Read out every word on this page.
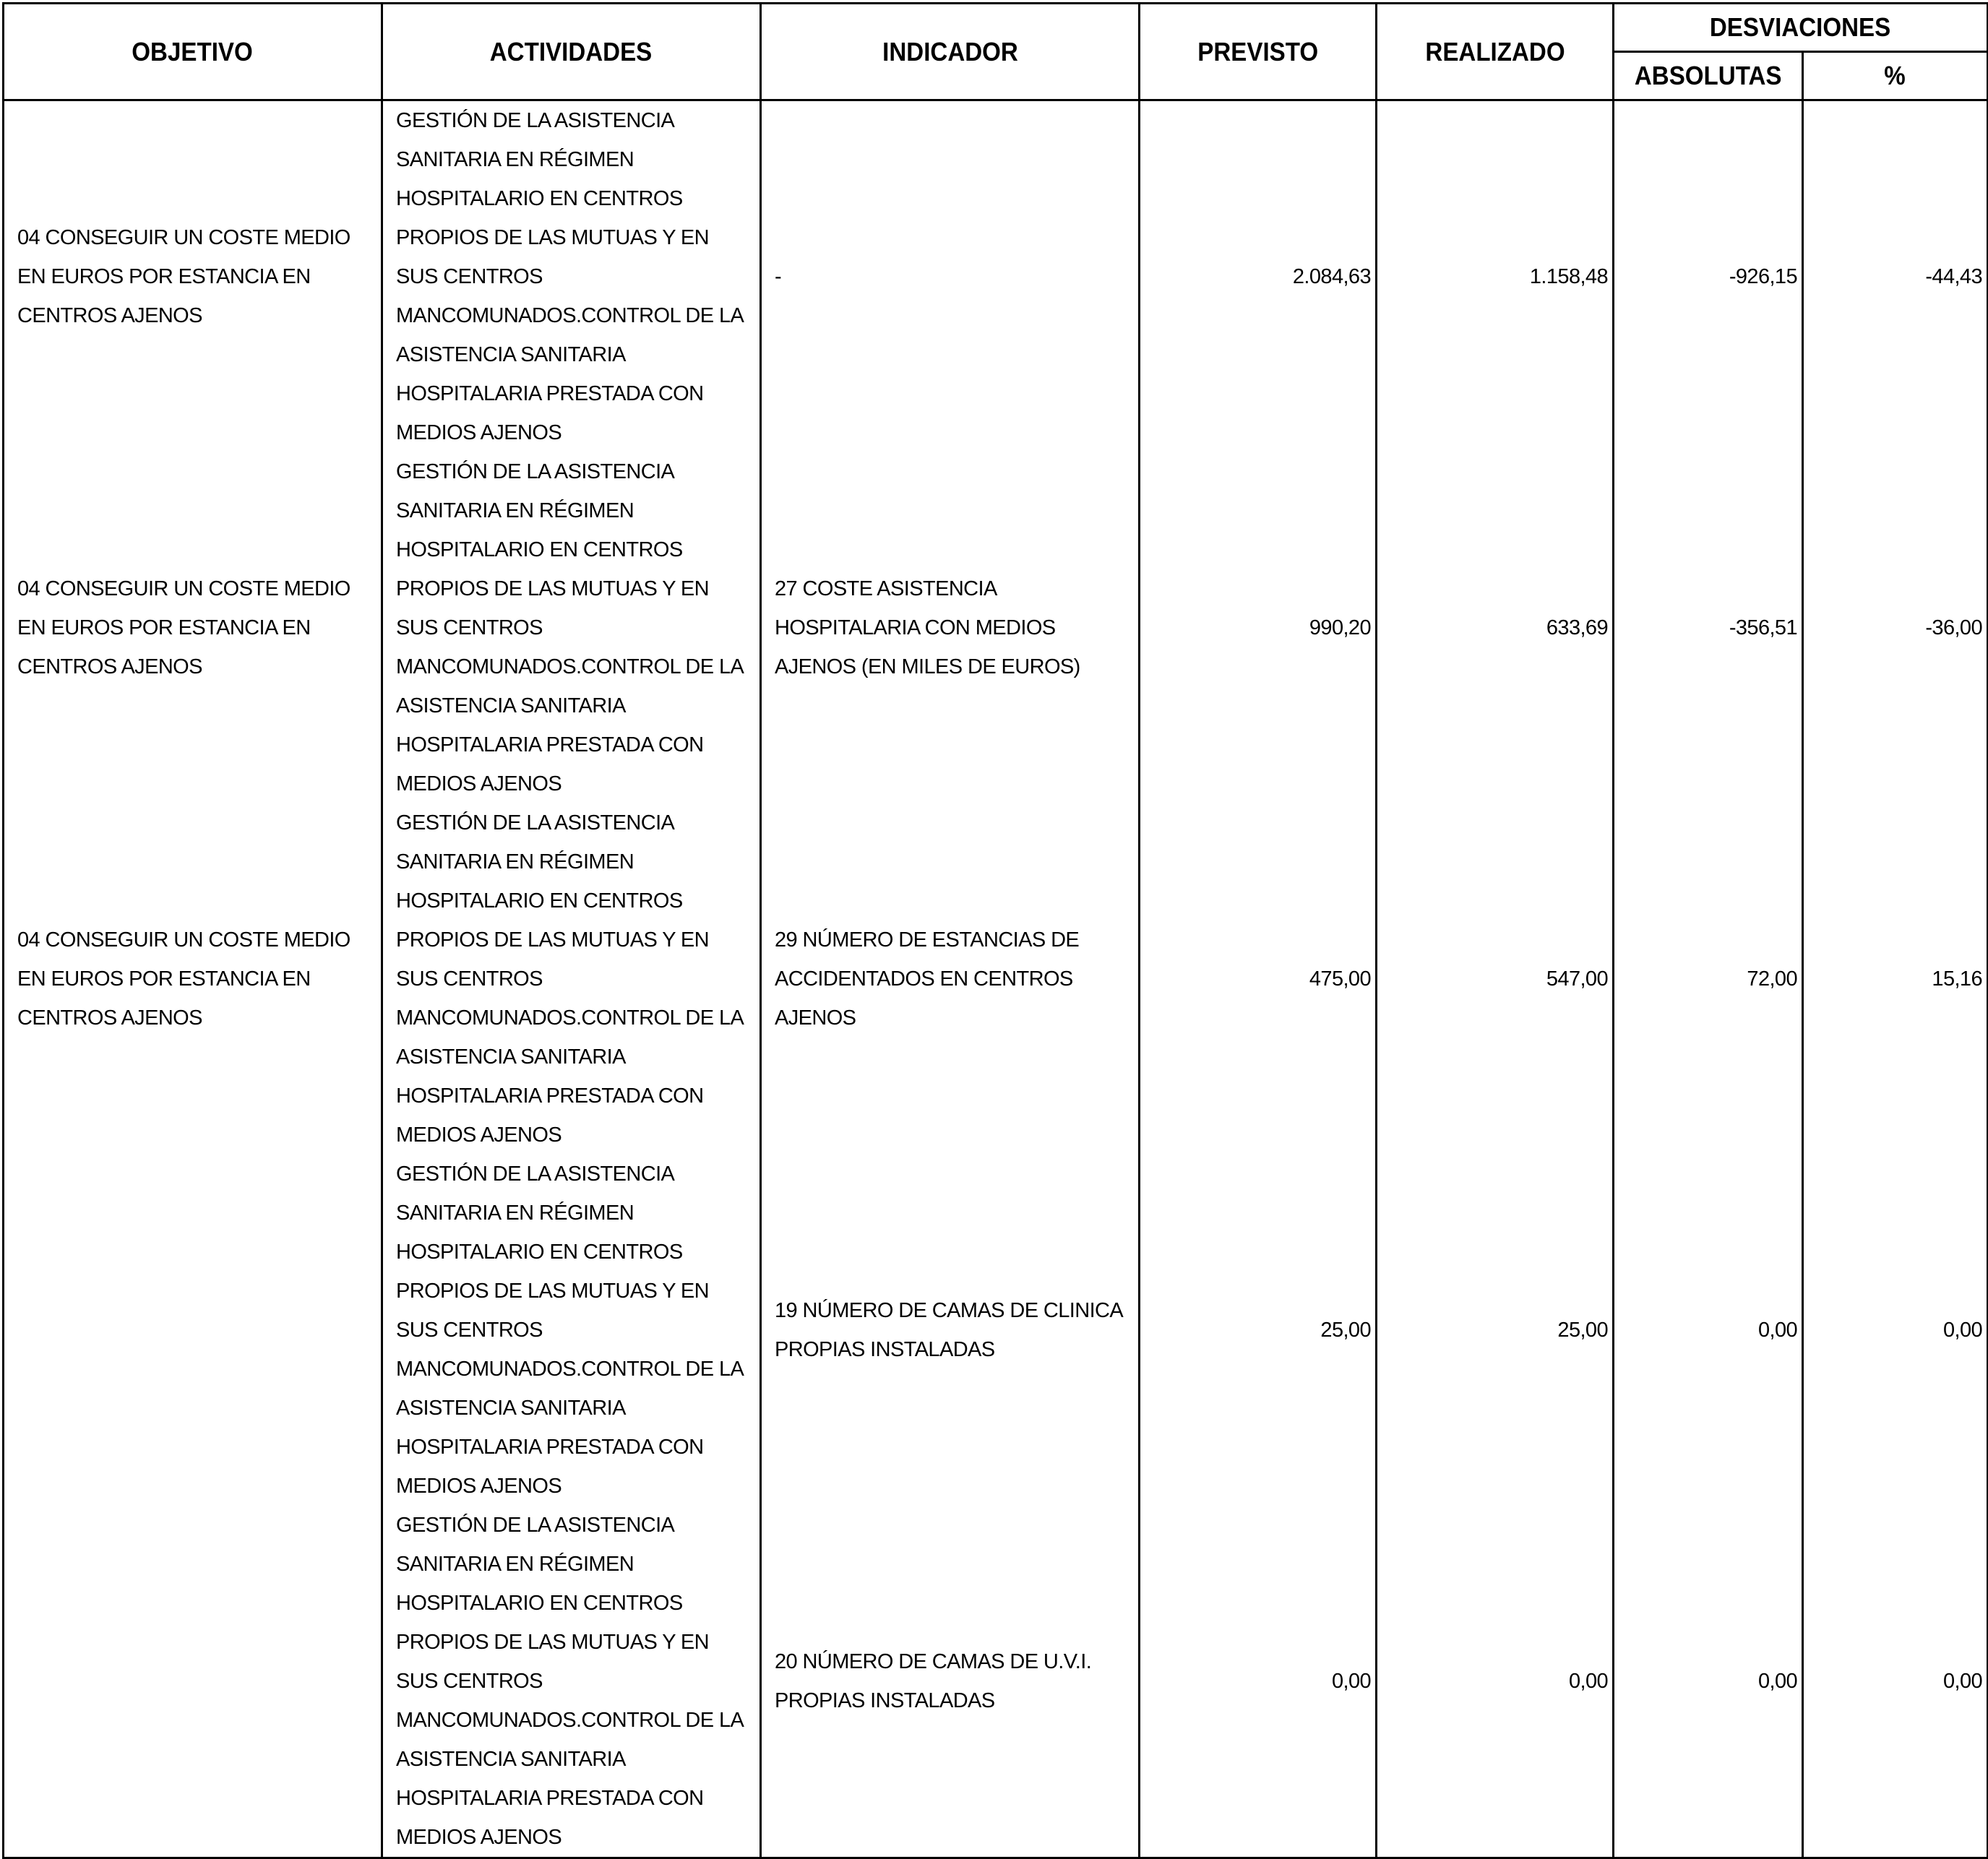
OBJETIVO	ACTIVIDADES	INDICADOR	PREVISTO	REALIZADO	DESVIACIONES	
					ABSOLUTAS	%
04 CONSEGUIR UN COSTE MEDIO EN EUROS POR ESTANCIA EN CENTROS AJENOS	GESTIÓN DE LA ASISTENCIA SANITARIA EN RÉGIMEN HOSPITALARIO EN CENTROS PROPIOS DE LAS MUTUAS Y EN SUS CENTROS MANCOMUNADOS.CONTROL DE LA ASISTENCIA SANITARIA HOSPITALARIA PRESTADA CON MEDIOS AJENOS	-	2.084,63	1.158,48	-926,15	-44,43
04 CONSEGUIR UN COSTE MEDIO EN EUROS POR ESTANCIA EN CENTROS AJENOS	GESTIÓN DE LA ASISTENCIA SANITARIA EN RÉGIMEN HOSPITALARIO EN CENTROS PROPIOS DE LAS MUTUAS Y EN SUS CENTROS MANCOMUNADOS.CONTROL DE LA ASISTENCIA SANITARIA HOSPITALARIA PRESTADA CON MEDIOS AJENOS	27 COSTE ASISTENCIA HOSPITALARIA CON MEDIOS AJENOS (EN MILES DE EUROS)	990,20	633,69	-356,51	-36,00
04 CONSEGUIR UN COSTE MEDIO EN EUROS POR ESTANCIA EN CENTROS AJENOS	GESTIÓN DE LA ASISTENCIA SANITARIA EN RÉGIMEN HOSPITALARIO EN CENTROS PROPIOS DE LAS MUTUAS Y EN SUS CENTROS MANCOMUNADOS.CONTROL DE LA ASISTENCIA SANITARIA HOSPITALARIA PRESTADA CON MEDIOS AJENOS	29 NÚMERO DE ESTANCIAS DE ACCIDENTADOS EN CENTROS AJENOS	475,00	547,00	72,00	15,16
	GESTIÓN DE LA ASISTENCIA SANITARIA EN RÉGIMEN HOSPITALARIO EN CENTROS PROPIOS DE LAS MUTUAS Y EN SUS CENTROS MANCOMUNADOS.CONTROL DE LA ASISTENCIA SANITARIA HOSPITALARIA PRESTADA CON MEDIOS AJENOS	19 NÚMERO DE CAMAS DE CLINICA PROPIAS INSTALADAS	25,00	25,00	0,00	0,00
	GESTIÓN DE LA ASISTENCIA SANITARIA EN RÉGIMEN HOSPITALARIO EN CENTROS PROPIOS DE LAS MUTUAS Y EN SUS CENTROS MANCOMUNADOS.CONTROL DE LA ASISTENCIA SANITARIA HOSPITALARIA PRESTADA CON MEDIOS AJENOS	20 NÚMERO DE CAMAS DE U.V.I. PROPIAS INSTALADAS	0,00	0,00	0,00	0,00
